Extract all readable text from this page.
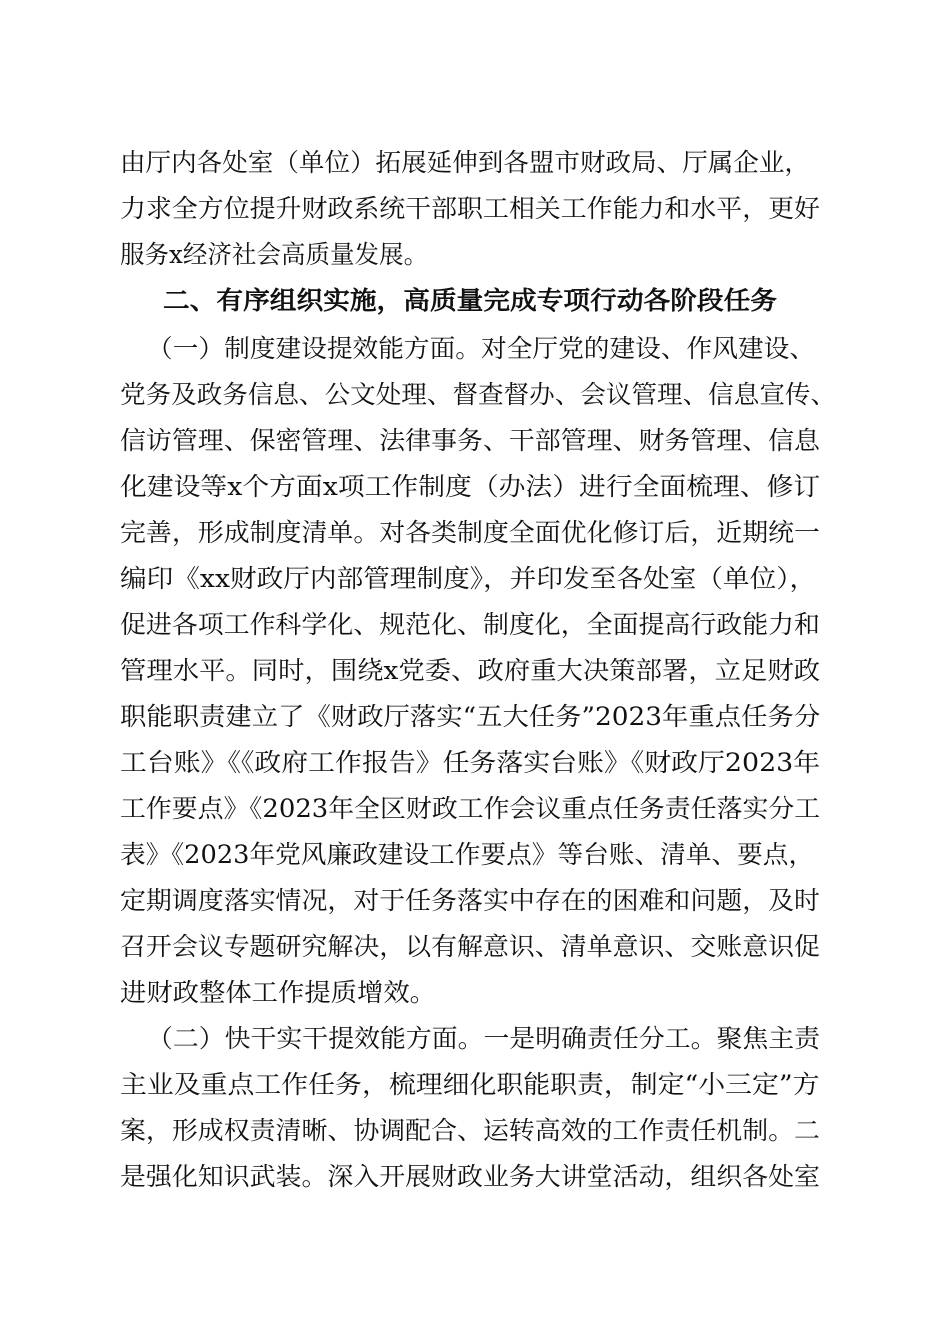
由厅内各处室（单位）拓展延伸到各盟市财政局、厅属企业，
力求全方位提升财政系统干部职工相关工作能力和水平，更好
服务x经济社会高质量发展。
二、有序组织实施，高质量完成专项行动各阶段任务
（一）制度建设提效能方面。对全厅党的建设、作风建设、
党务及政务信息、公文处理、督查督办、会议管理、信息宣传、
信访管理、保密管理、法律事务、干部管理、财务管理、信息
化建设等x个方面x项工作制度（办法）进行全面梳理、修订
完善，形成制度清单。对各类制度全面优化修订后，近期统一
编印《xx财政厅内部管理制度》，并印发至各处室（单位），
促进各项工作科学化、规范化、制度化，全面提高行政能力和
管理水平。同时，围绕x党委、政府重大决策部署，立足财政
职能职责建立了《财政厅落实“五大任务”2023年重点任务分
工台账》《《政府工作报告》任务落实台账》《财政厅2023年
工作要点》《2023年全区财政工作会议重点任务责任落实分工
表》《2023年党风廉政建设工作要点》等台账、清单、要点，
定期调度落实情况，对于任务落实中存在的困难和问题，及时
召开会议专题研究解决，以有解意识、清单意识、交账意识促
进财政整体工作提质增效。
（二）快干实干提效能方面。一是明确责任分工。聚焦主责
主业及重点工作任务，梳理细化职能职责，制定“小三定”方
案，形成权责清晰、协调配合、运转高效的工作责任机制。二
是强化知识武装。深入开展财政业务大讲堂活动，组织各处室
